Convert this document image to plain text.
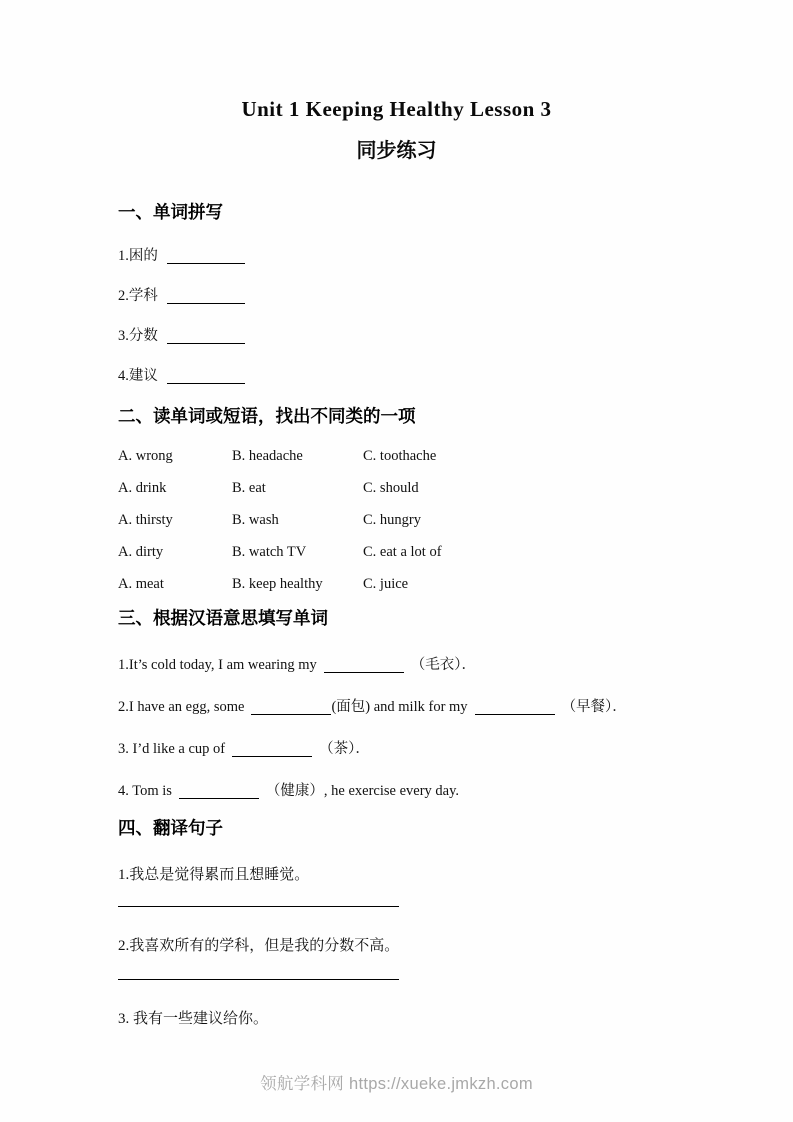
Unit 1 Keeping Healthy Lesson 3
同步练习
一、单词拼写
1.困的
2.学科
3.分数
4.建议
二、读单词或短语，找出不同类的一项
A. wrong	B. headache	C. toothache
A. drink	B. eat	C. should
A. thirsty	B. wash	C. hungry
A. dirty	B. watch TV	C. eat a lot of
A. meat	B. keep healthy	C. juice
三、根据汉语意思填写单词
1.It’s cold today, I am wearing my	（毛衣）．
2.I have an egg, some	(面包) and milk for my	（早餐）．
3. I’d like a cup of	（茶）．
4. Tom is	（健康）, he exercise every day.
四、翻译句子

1.我总是觉得累而且想睡觉。

2.我喜欢所有的学科，但是我的分数不高。

3. 我有一些建议给你。

领航学科网 https://xueke.jmkzh.com
